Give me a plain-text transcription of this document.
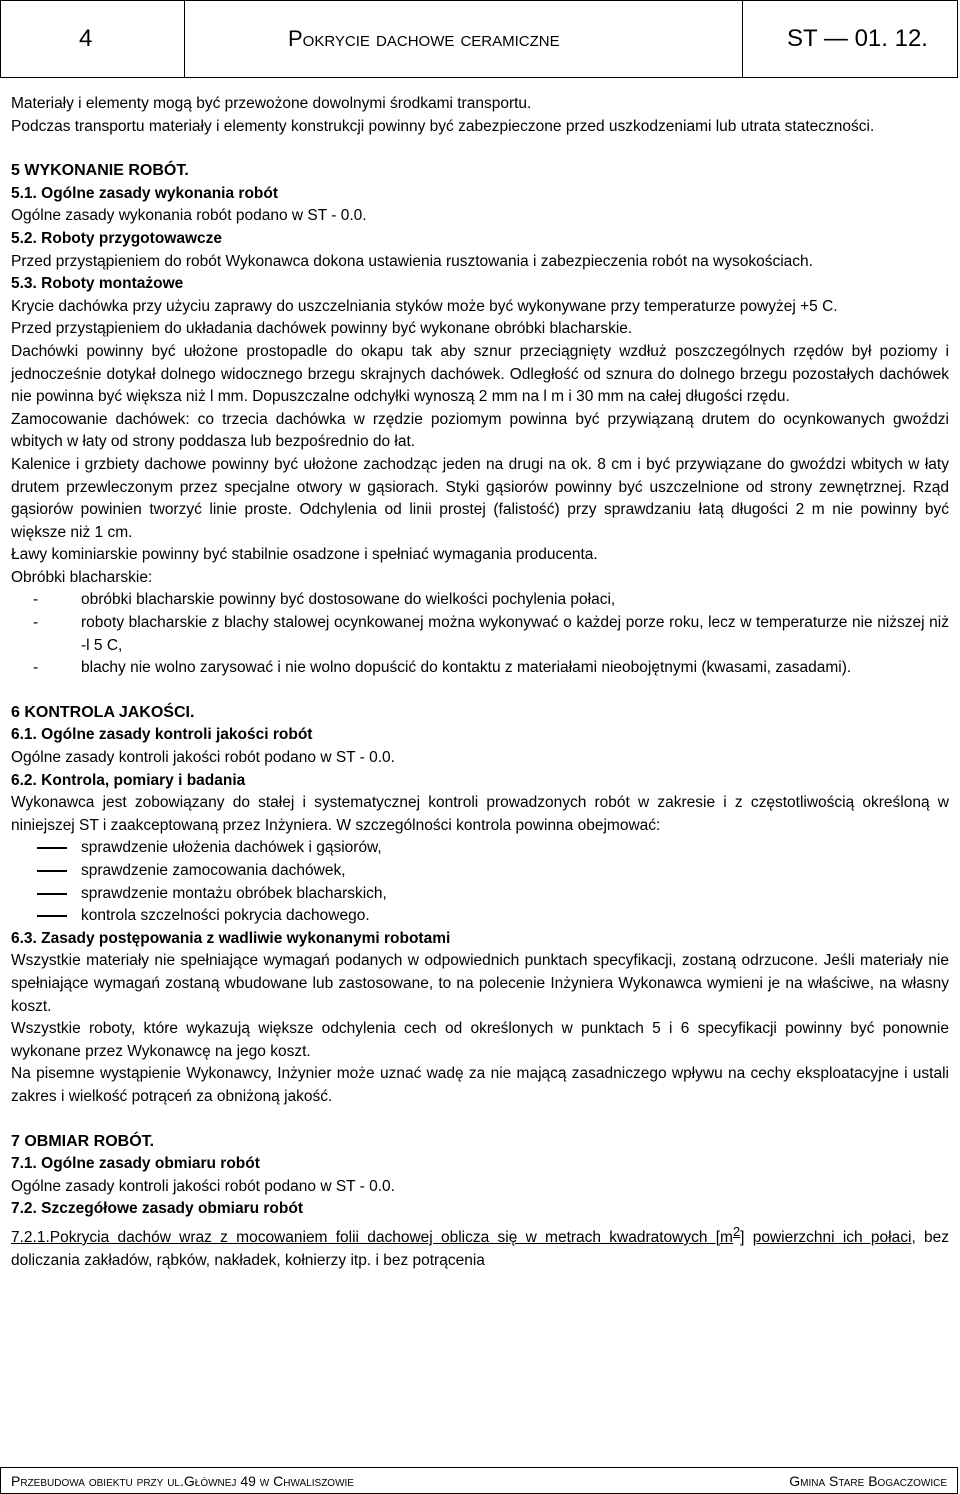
4	Pokrycie dachowe ceramiczne	ST — 01. 12.

Materiały i elementy mogą być przewożone dowolnymi środkami transportu.

Podczas transportu materiały i elementy konstrukcji powinny być zabezpieczone przed uszkodzeniami lub utrata stateczności.

5 WYKONANIE ROBÓT.

5.1. Ogólne zasady wykonania robót

Ogólne zasady wykonania robót podano w ST - 0.0.

5.2. Roboty przygotowawcze

Przed przystąpieniem do robót Wykonawca dokona ustawienia rusztowania i zabezpieczenia robót na wysokościach.

5.3. Roboty montażowe

Krycie dachówka przy użyciu zaprawy do uszczelniania styków może być wykonywane przy temperaturze powyżej +5 C.

Przed przystąpieniem do układania dachówek powinny być wykonane obróbki blacharskie.

Dachówki powinny być ułożone prostopadle do okapu tak aby sznur przeciągnięty wzdłuż poszczególnych rzędów był poziomy i jednocześnie dotykał dolnego widocznego brzegu skrajnych dachówek. Odległość od sznura do dolnego brzegu pozostałych dachówek nie powinna być większa niż l mm. Dopuszczalne odchyłki wynoszą 2 mm na l m i 30 mm na całej długości rzędu.

Zamocowanie dachówek: co trzecia dachówka w rzędzie poziomym powinna być przywiązaną drutem do ocynkowanych gwoździ wbitych w łaty od strony poddasza lub bezpośrednio do łat.

Kalenice i grzbiety dachowe powinny być ułożone zachodząc jeden na drugi na ok. 8 cm i być przywiązane do gwoździ wbitych w łaty drutem przewleczonym przez specjalne otwory w gąsiorach. Styki gąsiorów powinny być uszczelnione od strony zewnętrznej. Rząd gąsiorów powinien tworzyć linie proste. Odchylenia od linii prostej (falistość) przy sprawdzaniu łatą długości 2 m nie powinny być większe niż 1 cm.

Ławy kominiarskie powinny być stabilnie osadzone i spełniać wymagania producenta.

Obróbki blacharskie:

-	obróbki blacharskie powinny być dostosowane do wielkości pochylenia połaci,
-	roboty blacharskie z blachy stalowej ocynkowanej można wykonywać o każdej porze roku, lecz w temperaturze nie niższej niż -l 5 C,
-	blachy nie wolno zarysować i nie wolno dopuścić do kontaktu z materiałami nieobojętnymi (kwasami, zasadami).

6 KONTROLA JAKOŚCI.

6.1. Ogólne zasady kontroli jakości robót

Ogólne zasady kontroli jakości robót podano w ST - 0.0.

6.2. Kontrola, pomiary i badania

Wykonawca jest zobowiązany do stałej i systematycznej kontroli prowadzonych robót w zakresie i z częstotliwością określoną w niniejszej ST i zaakceptowaną przez Inżyniera. W szczególności kontrola powinna obejmować:

sprawdzenie ułożenia dachówek i gąsiorów,
sprawdzenie zamocowania dachówek,
sprawdzenie montażu obróbek blacharskich,
kontrola szczelności pokrycia dachowego.

6.3. Zasady postępowania z wadliwie wykonanymi robotami

Wszystkie materiały nie spełniające wymagań podanych w odpowiednich punktach specyfikacji, zostaną odrzucone. Jeśli materiały nie spełniające wymagań zostaną wbudowane lub zastosowane, to na polecenie Inżyniera Wykonawca wymieni je na właściwe, na własny koszt.

Wszystkie roboty, które wykazują większe odchylenia cech od określonych w punktach 5 i 6 specyfikacji powinny być ponownie wykonane przez Wykonawcę na jego koszt.

Na pisemne wystąpienie Wykonawcy, Inżynier może uznać wadę za nie mającą zasadniczego wpływu na cechy eksploatacyjne i ustali zakres i wielkość potrąceń za obniżoną jakość.

7 OBMIAR ROBÓT.

7.1. Ogólne zasady obmiaru robót

Ogólne zasady kontroli jakości robót podano w ST - 0.0.

7.2. Szczegółowe zasady obmiaru robót

7.2.1.Pokrycia dachów wraz z mocowaniem folii dachowej oblicza się w metrach kwadratowych $[m^2]$ powierzchni ich połaci, bez doliczania zakładów, rąbków, nakładek, kołnierzy itp. i bez potrącenia

Przebudowa obiektu przy ul.Głównej 49 w Chwaliszowie	Gmina Stare Bogaczowice
